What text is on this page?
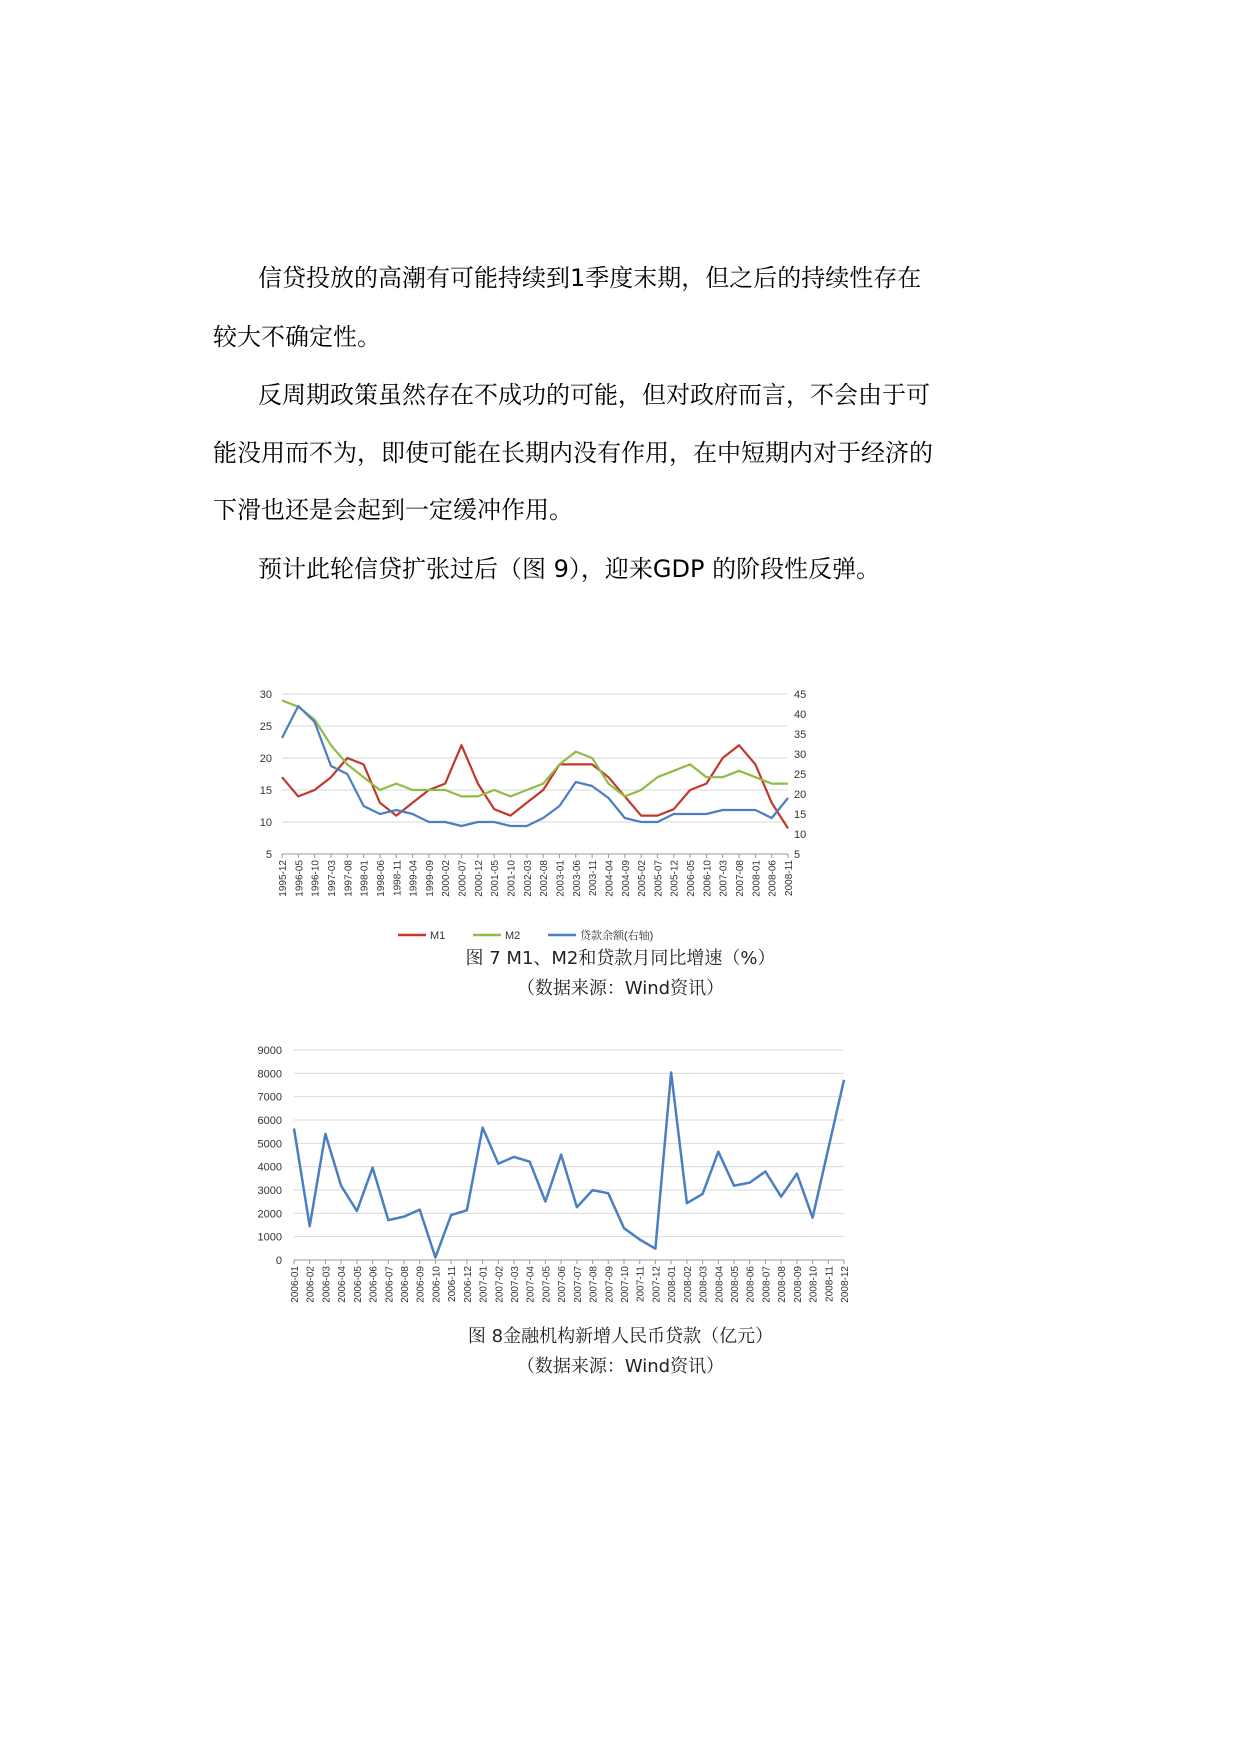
信贷投放的高潮有可能持续到1季度末期，但之后的持续性存在

较大不确定性。

反周期政策虽然存在不成功的可能，但对政府而言，不会由于可

能没用而不为，即使可能在长期内没有作用，在中短期内对于经济的

下滑也还是会起到一定缓冲作用。

预计此轮信贷扩张过后（图 9），迎来GDP 的阶段性反弹。

5
10
15
20
25
30
5
10
15
20
25
30
35
40
45
1995-12 1996-05 1996-10 1997-03 1997-08 1998-01 1998-06 1998-11 1999-04 1999-09 2000-02 2000-07 2000-12 2001-05 2001-10 2002-03 2002-08 2003-01 2003-06 2003-11 2004-04 2004-09 2005-02 2005-07 2005-12 2006-05 2006-10 2007-03 2007-08 2008-01 2008-06 2008-11
M1	M2	贷款余额(右轴)

图 7 M1、M2和贷款月同比增速（%）

（数据来源：Wind资讯）

0
1000
2000
3000
4000
5000
6000
7000
8000
9000
2006-01 2006-02 2006-03 2006-04 2006-05 2006-06 2006-07 2006-08 2006-09 2006-10 2006-11 2006-12 2007-01 2007-02 2007-03 2007-04 2007-05 2007-06 2007-07 2007-08 2007-09 2007-10 2007-11 2007-12 2008-01 2008-02 2008-03 2008-04 2008-05 2008-06 2008-07 2008-08 2008-09 2008-10 2008-11 2008-12

图 8金融机构新增人民币贷款（亿元）

（数据来源：Wind资讯）
